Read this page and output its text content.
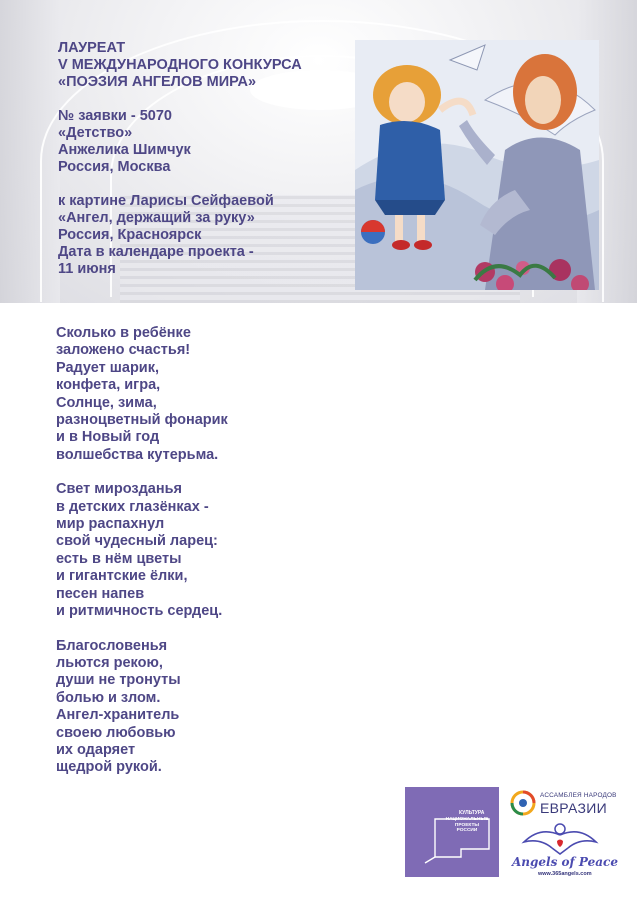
ЛАУРЕАТ
V МЕЖДУНАРОДНОГО КОНКУРСА
«ПОЭЗИЯ АНГЕЛОВ МИРА»

№ заявки - 5070
«Детство»
Анжелика Шимчук
Россия, Москва

к картине Ларисы Сейфаевой
«Ангел, держащий за руку»
Россия, Красноярск
Дата в календаре проекта -
11 июня

Сколько в ребёнке
заложено счастья!
Радует шарик,
конфета, игра,
Солнце, зима,
разноцветный фонарик
и в Новый год
волшебства кутерьма.
Свет мирозданья
в детских глазёнках -
мир распахнул
свой чудесный ларец:
есть в нём цветы
и гигантские ёлки,
песен напев
и ритмичность сердец.
Благословенья
льются рекою,
души не тронуты
болью и злом.
Ангел-хранитель
своею любовью
их одаряет
щедрой рукой.
КУЛЬТУРА
НАЦИОНАЛЬНЫЕ ПРОЕКТЫ РОССИИ
АССАМБЛЕЯ НАРОДОВ
ЕВРАЗИИ
Angels of Peace
www.365angels.com
